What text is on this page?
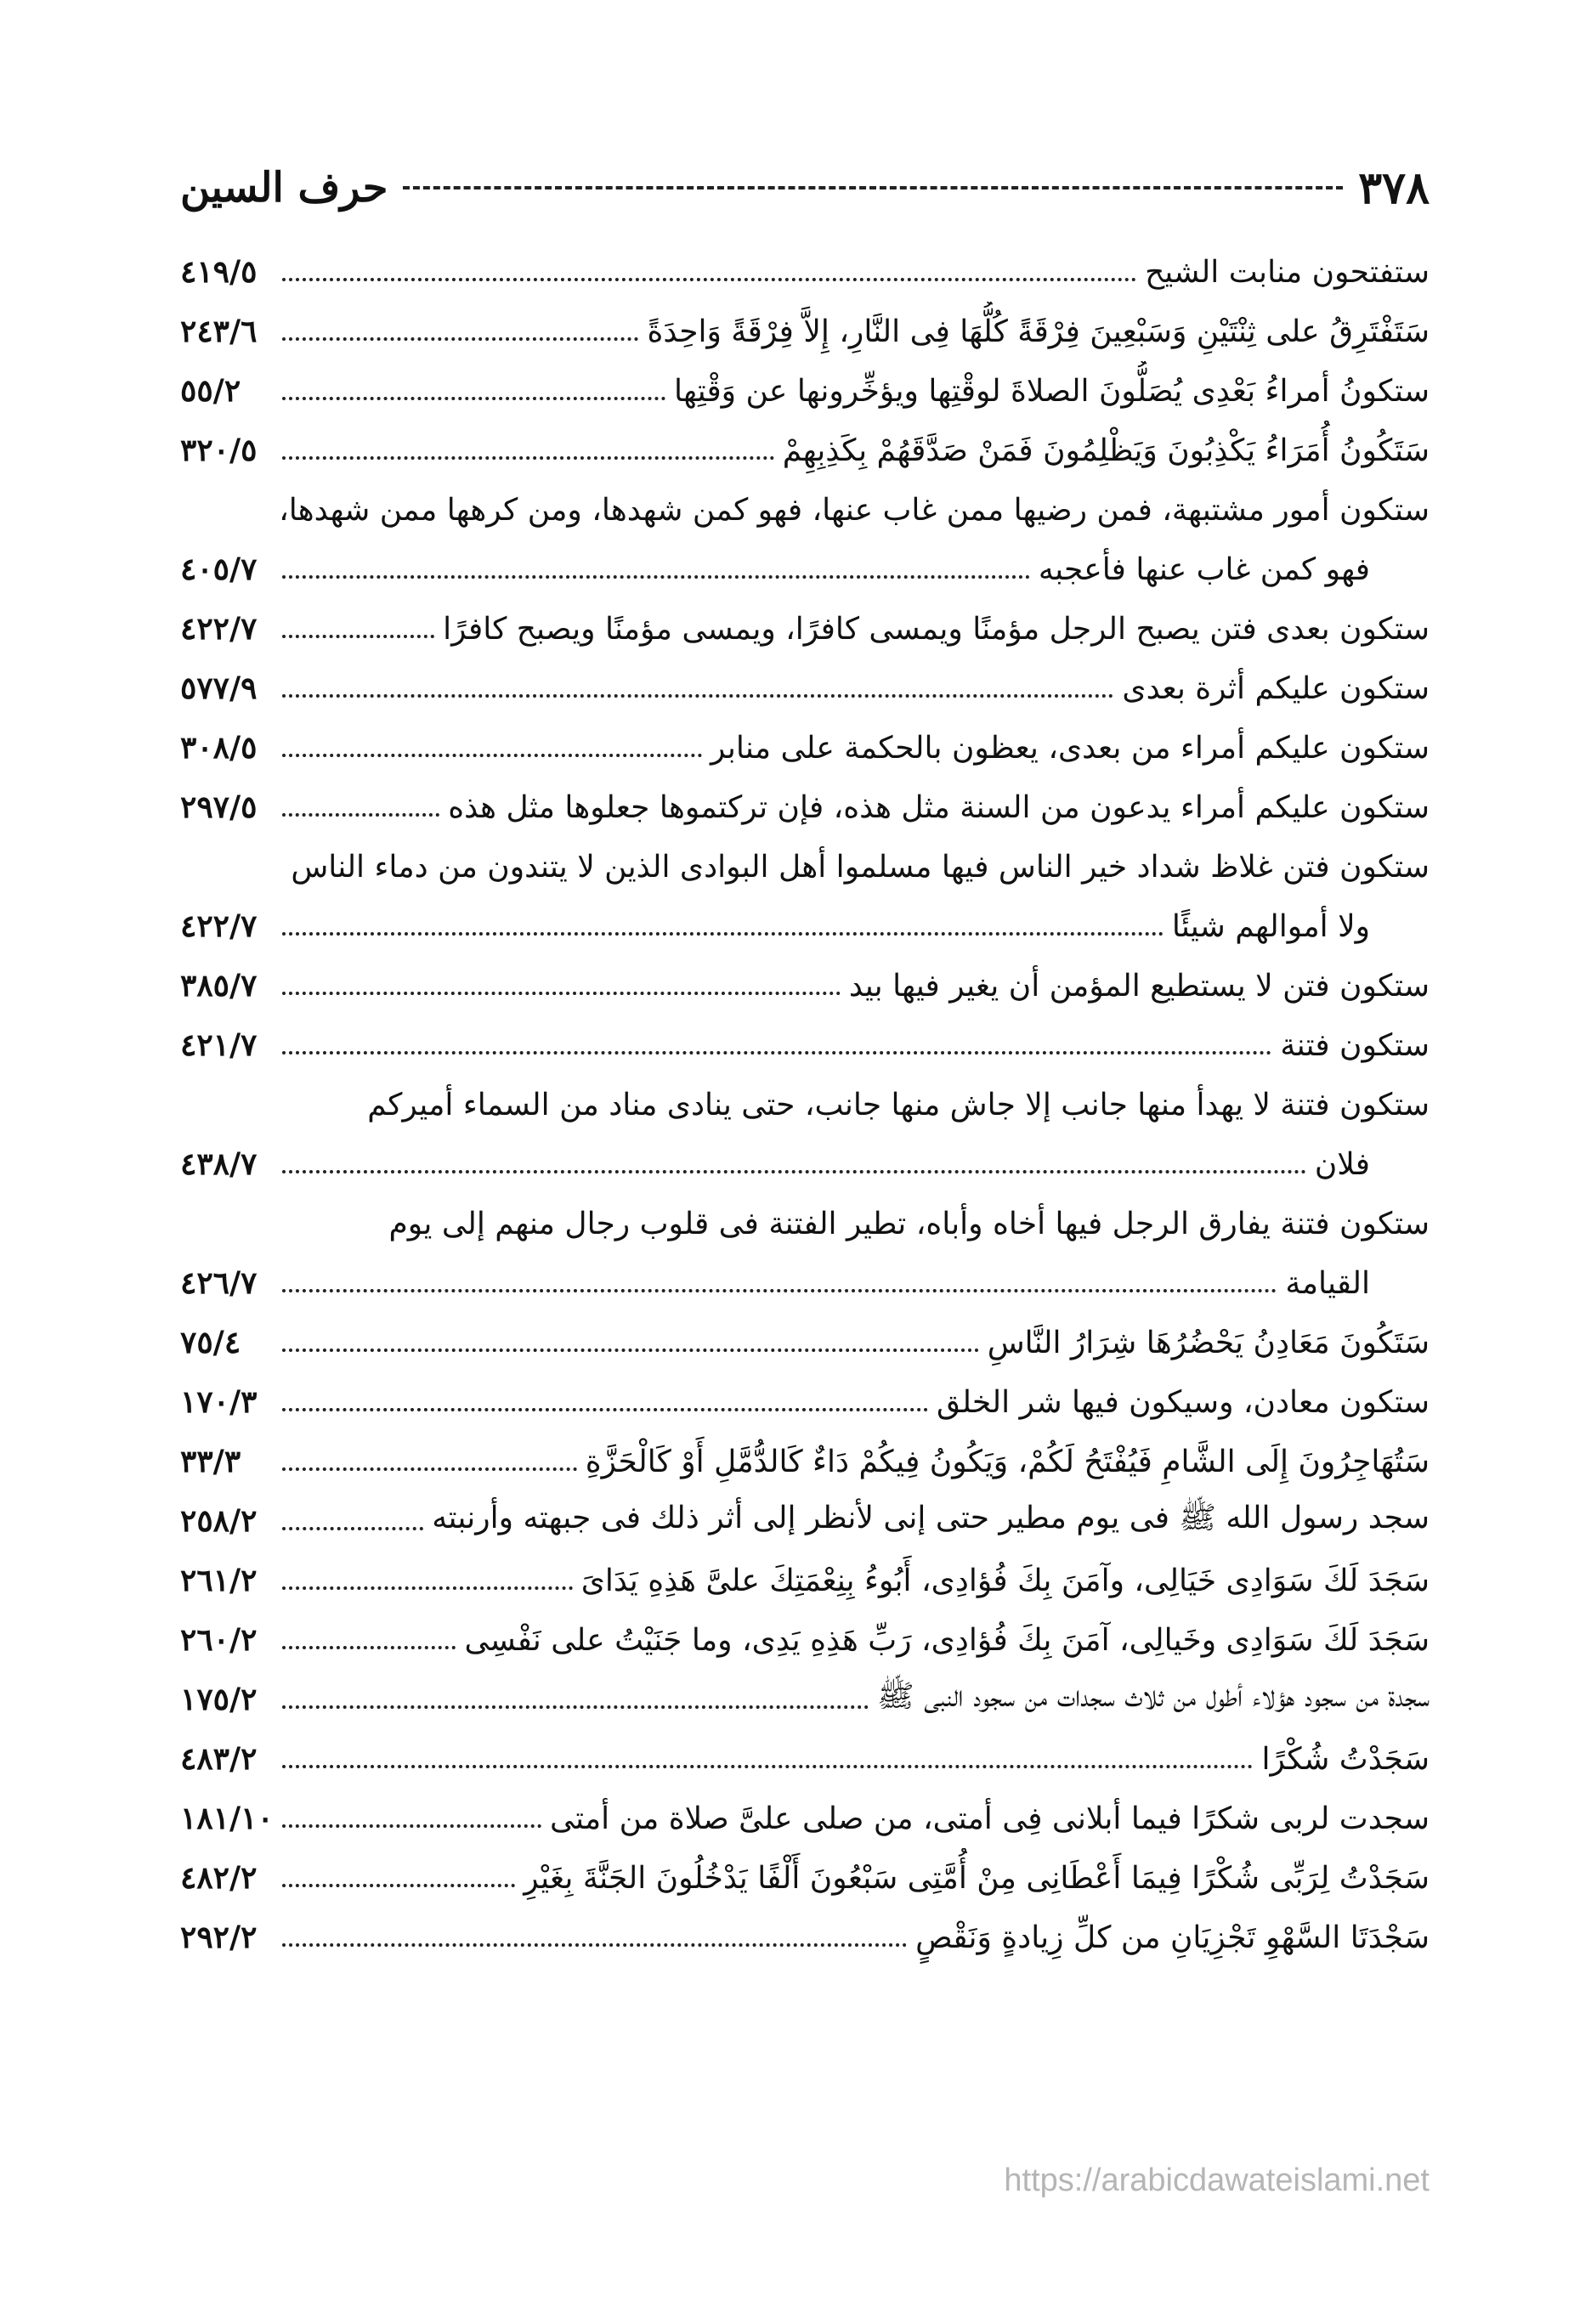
٣٧٨
حرف السين
ستفتحون منابت الشيح
٤١٩/٥
سَتَفْتَرِقُ على ثِنْتَيْنِ وَسَبْعِينَ فِرْقَةً كُلُّهَا فِى النَّارِ، إِلاَّ فِرْقَةً وَاحِدَةً
٢٤٣/٦
ستكونُ أمراءُ بَعْدِى يُصَلُّونَ الصلاةَ لوقْتِها ويؤخِّرونها عن وَقْتِها
٥٥/٢
سَتَكُونُ أُمَرَاءُ يَكْذِبُونَ وَيَظْلِمُونَ فَمَنْ صَدَّقَهُمْ بِكَذِبِهِمْ
٣٢٠/٥
ستكون أمور مشتبهة، فمن رضيها ممن غاب عنها، فهو كمن شهدها، ومن كرهها ممن شهدها،
فهو كمن غاب عنها فأعجبه
٤٠٥/٧
ستكون بعدى فتن يصبح الرجل مؤمنًا ويمسى كافرًا، ويمسى مؤمنًا ويصبح كافرًا
٤٢٢/٧
ستكون عليكم أثرة بعدى
٥٧٧/٩
ستكون عليكم أمراء من بعدى، يعظون بالحكمة على منابر
٣٠٨/٥
ستكون عليكم أمراء يدعون من السنة مثل هذه، فإن تركتموها جعلوها مثل هذه
٢٩٧/٥
ستكون فتن غلاظ شداد خير الناس فيها مسلموا أهل البوادى الذين لا يتندون من دماء الناس
ولا أموالهم شيئًا
٤٢٢/٧
ستكون فتن لا يستطيع المؤمن أن يغير فيها بيد
٣٨٥/٧
ستكون فتنة
٤٢١/٧
ستكون فتنة لا يهدأ منها جانب إلا جاش منها جانب، حتى ينادى مناد من السماء أميركم
فلان
٤٣٨/٧
ستكون فتنة يفارق الرجل فيها أخاه وأباه، تطير الفتنة فى قلوب رجال منهم إلى يوم
القيامة
٤٢٦/٧
سَتَكُونَ مَعَادِنُ يَحْضُرُهَا شِرَارُ النَّاسِ
٧٥/٤
ستكون معادن، وسيكون فيها شر الخلق
١٧٠/٣
سَتُهَاجِرُونَ إِلَى الشَّامِ فَيُفْتَحُ لَكُمْ، وَيَكُونُ فِيكُمْ دَاءٌ كَالدُّمَّلِ أَوْ كَالْحَزَّةِ
٣٣/٣
سجد رسول الله ﷺ فى يوم مطير حتى إنى لأنظر إلى أثر ذلك فى جبهته وأرنبته
٢٥٨/٢
سَجَدَ لَكَ سَوَادِى خَيَالِى، وآمَنَ بِكَ فُؤادِى، أَبُوءُ بِنِعْمَتِكَ علىَّ هَذِهِ يَدَاىَ
٢٦١/٢
سَجَدَ لَكَ سَوَادِى وخَيالِى، آمَنَ بِكَ فُؤادِى، رَبِّ هَذِهِ يَدِى، وما جَنَيْتُ على نَفْسِى
٢٦٠/٢
سجدة من سجود هؤلاء أطول من ثلاث سجدات من سجود النبى ﷺ
١٧٥/٢
سَجَدْتُ شُكْرًا
٤٨٣/٢
سجدت لربى شكرًا فيما أبلانى فِى أمتى، من صلى علىَّ صلاة من أمتى
١٨١/١٠
سَجَدْتُ لِرَبِّى شُكْرًا فِيمَا أَعْطَانِى مِنْ أُمَّتِى سَبْعُونَ أَلْفًا يَدْخُلُونَ الجَنَّةَ بِغَيْرِ
٤٨٢/٢
سَجْدَتَا السَّهْوِ تَجْزِيَانِ من كلِّ زِيادةٍ وَنَقْصٍ
٢٩٢/٢
https://arabicdawateislami.net
